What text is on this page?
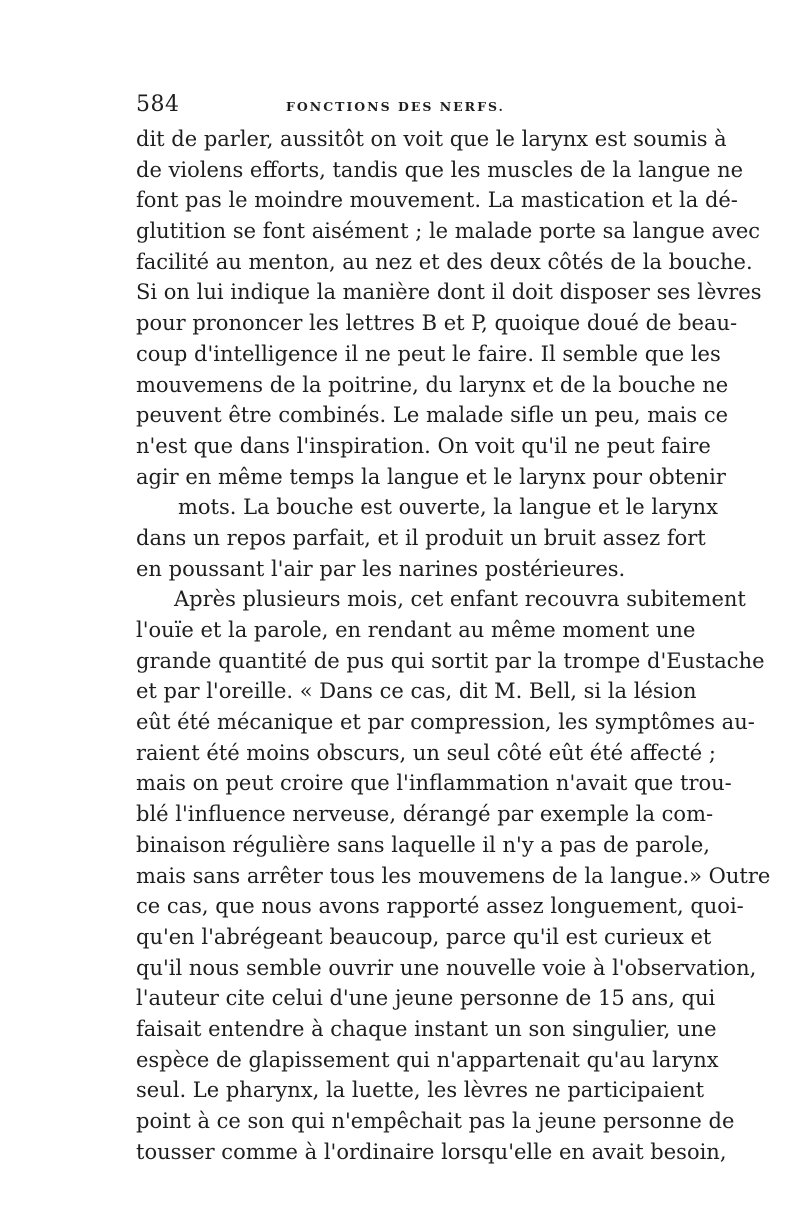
584	FONCTIONS DES NERFS.
dit de parler, aussitôt on voit que le larynx est soumis à
de violens efforts, tandis que les muscles de la langue ne
font pas le moindre mouvement. La mastication et la dé-
glutition se font aisément ; le malade porte sa langue avec
facilité au menton, au nez et des deux côtés de la bouche.
Si on lui indique la manière dont il doit disposer ses lèvres
pour prononcer les lettres B et P, quoique doué de beau-
coup d'intelligence il ne peut le faire. Il semble que les
mouvemens de la poitrine, du larynx et de la bouche ne
peuvent être combinés. Le malade sifle un peu, mais ce
n'est que dans l'inspiration. On voit qu'il ne peut faire
agir en même temps la langue et le larynx pour obtenir
mots. La bouche est ouverte, la langue et le larynx
dans un repos parfait, et il produit un bruit assez fort
en poussant l'air par les narines postérieures.
Après plusieurs mois, cet enfant recouvra subitement
l'ouïe et la parole, en rendant au même moment une
grande quantité de pus qui sortit par la trompe d'Eustache
et par l'oreille. « Dans ce cas, dit M. Bell, si la lésion
eût été mécanique et par compression, les symptômes au-
raient été moins obscurs, un seul côté eût été affecté ;
mais on peut croire que l'inflammation n'avait que trou-
blé l'influence nerveuse, dérangé par exemple la com-
binaison régulière sans laquelle il n'y a pas de parole,
mais sans arrêter tous les mouvemens de la langue.» Outre
ce cas, que nous avons rapporté assez longuement, quoi-
qu'en l'abrégeant beaucoup, parce qu'il est curieux et
qu'il nous semble ouvrir une nouvelle voie à l'observation,
l'auteur cite celui d'une jeune personne de 15 ans, qui
faisait entendre à chaque instant un son singulier, une
espèce de glapissement qui n'appartenait qu'au larynx
seul. Le pharynx, la luette, les lèvres ne participaient
point à ce son qui n'empêchait pas la jeune personne de
tousser comme à l'ordinaire lorsqu'elle en avait besoin,
